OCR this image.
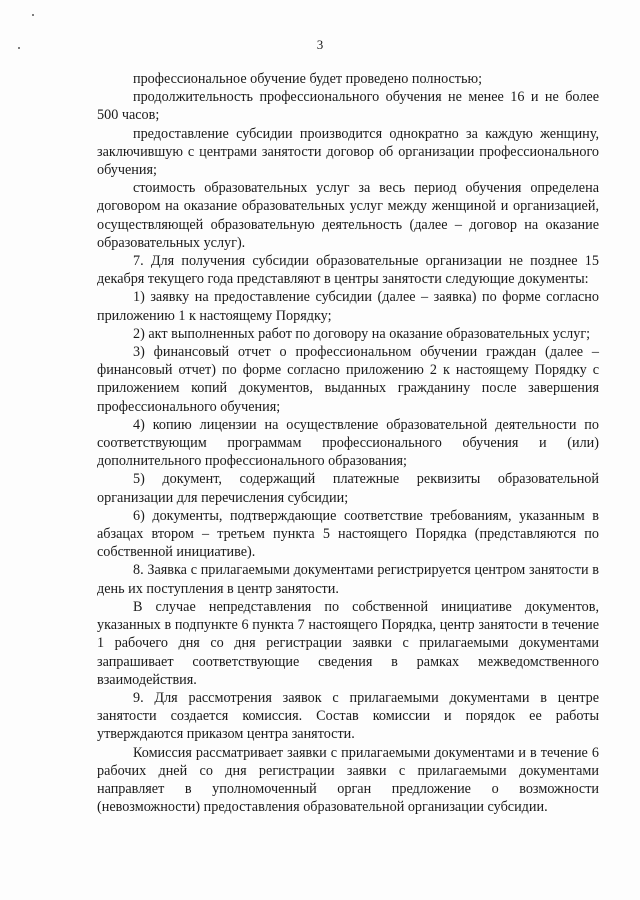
3

профессиональное обучение будет проведено полностью;

продолжительность профессионального обучения не менее 16 и не более 500 часов;

предоставление субсидии производится однократно за каждую женщину, заключившую с центрами занятости договор об организации профессионального обучения;

стоимость образовательных услуг за весь период обучения определена договором на оказание образовательных услуг между женщиной и организацией, осуществляющей образовательную деятельность (далее – договор на оказание образовательных услуг).

7. Для получения субсидии образовательные организации не позднее 15 декабря текущего года представляют в центры занятости следующие документы:

1) заявку на предоставление субсидии (далее – заявка) по форме согласно приложению 1 к настоящему Порядку;

2) акт выполненных работ по договору на оказание образовательных услуг;

3) финансовый отчет о профессиональном обучении граждан (далее – финансовый отчет) по форме согласно приложению 2 к настоящему Порядку с приложением копий документов, выданных гражданину после завершения профессионального обучения;

4) копию лицензии на осуществление образовательной деятельности по соответствующим программам профессионального обучения и (или) дополнительного профессионального образования;

5) документ, содержащий платежные реквизиты образовательной организации для перечисления субсидии;

6) документы, подтверждающие соответствие требованиям, указанным в абзацах втором – третьем пункта 5 настоящего Порядка (представляются по собственной инициативе).

8. Заявка с прилагаемыми документами регистрируется центром занятости в день их поступления в центр занятости.

В случае непредставления по собственной инициативе документов, указанных в подпункте 6 пункта 7 настоящего Порядка, центр занятости в течение 1 рабочего дня со дня регистрации заявки с прилагаемыми документами запрашивает соответствующие сведения в рамках межведомственного взаимодействия.

9. Для рассмотрения заявок с прилагаемыми документами в центре занятости создается комиссия. Состав комиссии и порядок ее работы утверждаются приказом центра занятости.

Комиссия рассматривает заявки с прилагаемыми документами и в течение 6 рабочих дней со дня регистрации заявки с прилагаемыми документами направляет в уполномоченный орган предложение о возможности (невозможности) предоставления образовательной организации субсидии.
